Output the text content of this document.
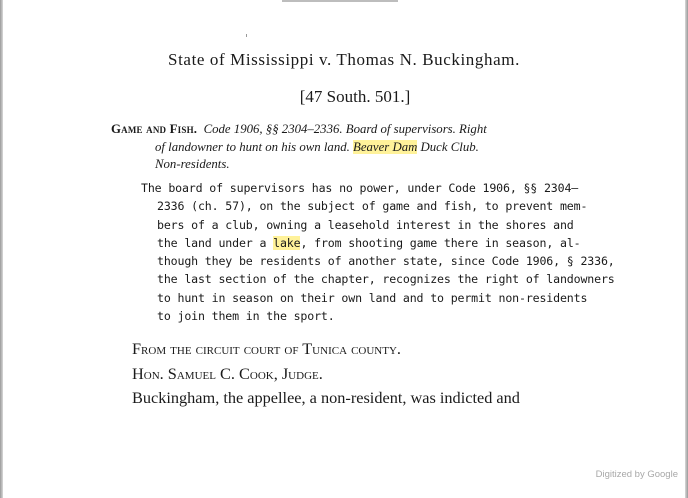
State of Mississippi v. Thomas N. Buckingham.
[47 South. 501.]
Game and Fish. Code 1906, §§ 2304–2336. Board of supervisors. Right
of landowner to hunt on his own land. Beaver Dam Duck Club.
Non-residents.
The board of supervisors has no power, under Code 1906, §§ 2304–
2336 (ch. 57), on the subject of game and fish, to prevent mem-
bers of a club, owning a leasehold interest in the shores and
the land under a lake, from shooting game there in season, al-
though they be residents of another state, since Code 1906, § 2336,
the last section of the chapter, recognizes the right of landowners
to hunt in season on their own land and to permit non-residents
to join them in the sport.
From the circuit court of Tunica county.
Hon. Samuel C. Cook, Judge.
Buckingham, the appellee, a non-resident, was indicted and
Digitized by Google
